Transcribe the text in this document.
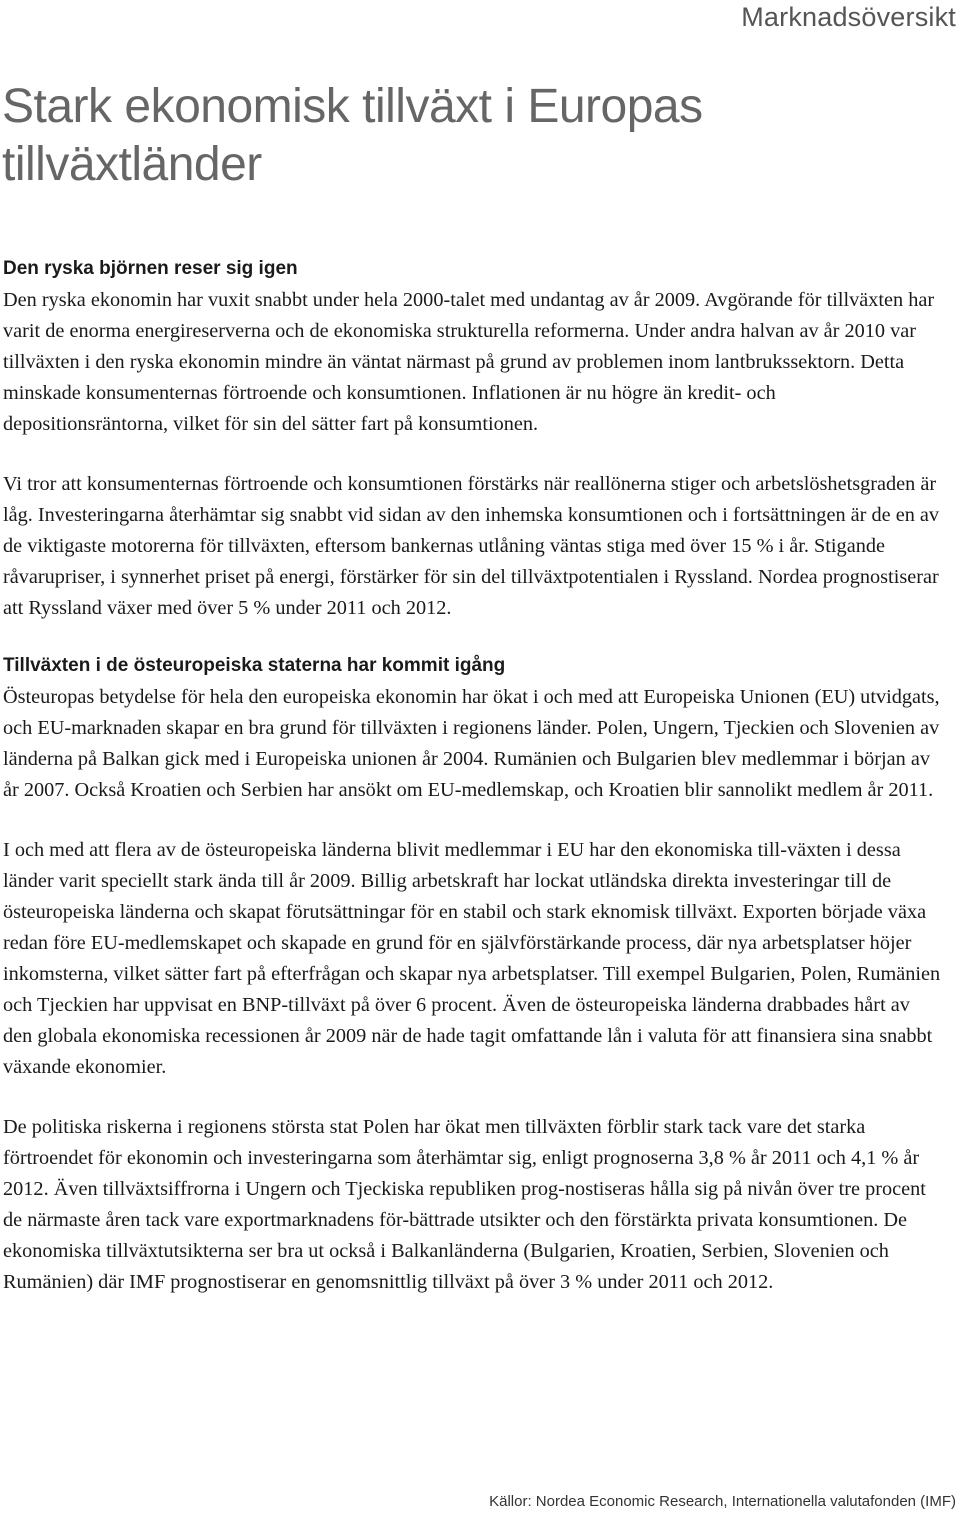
Marknadsöversikt

Stark ekonomisk tillväxt i Europas tillväxtländer
Den ryska björnen reser sig igen

Den ryska ekonomin har vuxit snabbt under hela 2000-talet med undantag av år 2009. Avgörande för tillväxten har varit de enorma energireserverna och de ekonomiska strukturella reformerna. Under andra halvan av år 2010 var tillväxten i den ryska ekonomin mindre än väntat närmast på grund av problemen inom lantbrukssektorn. Detta minskade konsumenternas förtroende och konsumtionen. Inflationen är nu högre än kredit- och depositionsräntorna, vilket för sin del sätter fart på konsumtionen.

Vi tror att konsumenternas förtroende och konsumtionen förstärks när reallönerna stiger och arbetslöshetsgraden är låg. Investeringarna återhämtar sig snabbt vid sidan av den inhemska konsumtionen och i fortsättningen är de en av de viktigaste motorerna för tillväxten, eftersom bankernas utlåning väntas stiga med över 15 % i år. Stigande råvarupriser, i synnerhet priset på energi, förstärker för sin del tillväxtpotentialen i Ryssland. Nordea prognostiserar att Ryssland växer med över 5 % under 2011 och 2012.

Tillväxten i de östeuropeiska staterna har kommit igång

Östeuropas betydelse för hela den europeiska ekonomin har ökat i och med att Europeiska Unionen (EU) utvidgats, och EU-marknaden skapar en bra grund för tillväxten i regionens länder. Polen, Ungern, Tjeckien och Slovenien av länderna på Balkan gick med i Europeiska unionen år 2004. Rumänien och Bulgarien blev medlemmar i början av år 2007. Också Kroatien och Serbien har ansökt om EU-medlemskap, och Kroatien blir sannolikt medlem år 2011.

I och med att flera av de östeuropeiska länderna blivit medlemmar i EU har den ekonomiska till-växten i dessa länder varit speciellt stark ända till år 2009. Billig arbetskraft har lockat utländska direkta investeringar till de östeuropeiska länderna och skapat förutsättningar för en stabil och stark eknomisk tillväxt. Exporten började växa redan före EU-medlemskapet och skapade en grund för en självförstärkande process, där nya arbetsplatser höjer inkomsterna, vilket sätter fart på efterfrågan och skapar nya arbetsplatser. Till exempel Bulgarien, Polen, Rumänien och Tjeckien har uppvisat en BNP-tillväxt på över 6 procent. Även de östeuropeiska länderna drabbades hårt av den globala ekonomiska recessionen år 2009 när de hade tagit omfattande lån i valuta för att finansiera sina snabbt växande ekonomier.

De politiska riskerna i regionens största stat Polen har ökat men tillväxten förblir stark tack vare det starka förtroendet för ekonomin och investeringarna som återhämtar sig, enligt prognoserna 3,8 % år 2011 och 4,1 % år 2012. Även tillväxtsiffrorna i Ungern och Tjeckiska republiken prog-nostiseras hålla sig på nivån över tre procent de närmaste åren tack vare exportmarknadens för-bättrade utsikter och den förstärkta privata konsumtionen. De ekonomiska tillväxtutsikterna ser bra ut också i Balkanländerna (Bulgarien, Kroatien, Serbien, Slovenien och Rumänien) där IMF prognostiserar en genomsnittlig tillväxt på över 3 % under 2011 och 2012.

Källor: Nordea Economic Research, Internationella valutafonden (IMF)
